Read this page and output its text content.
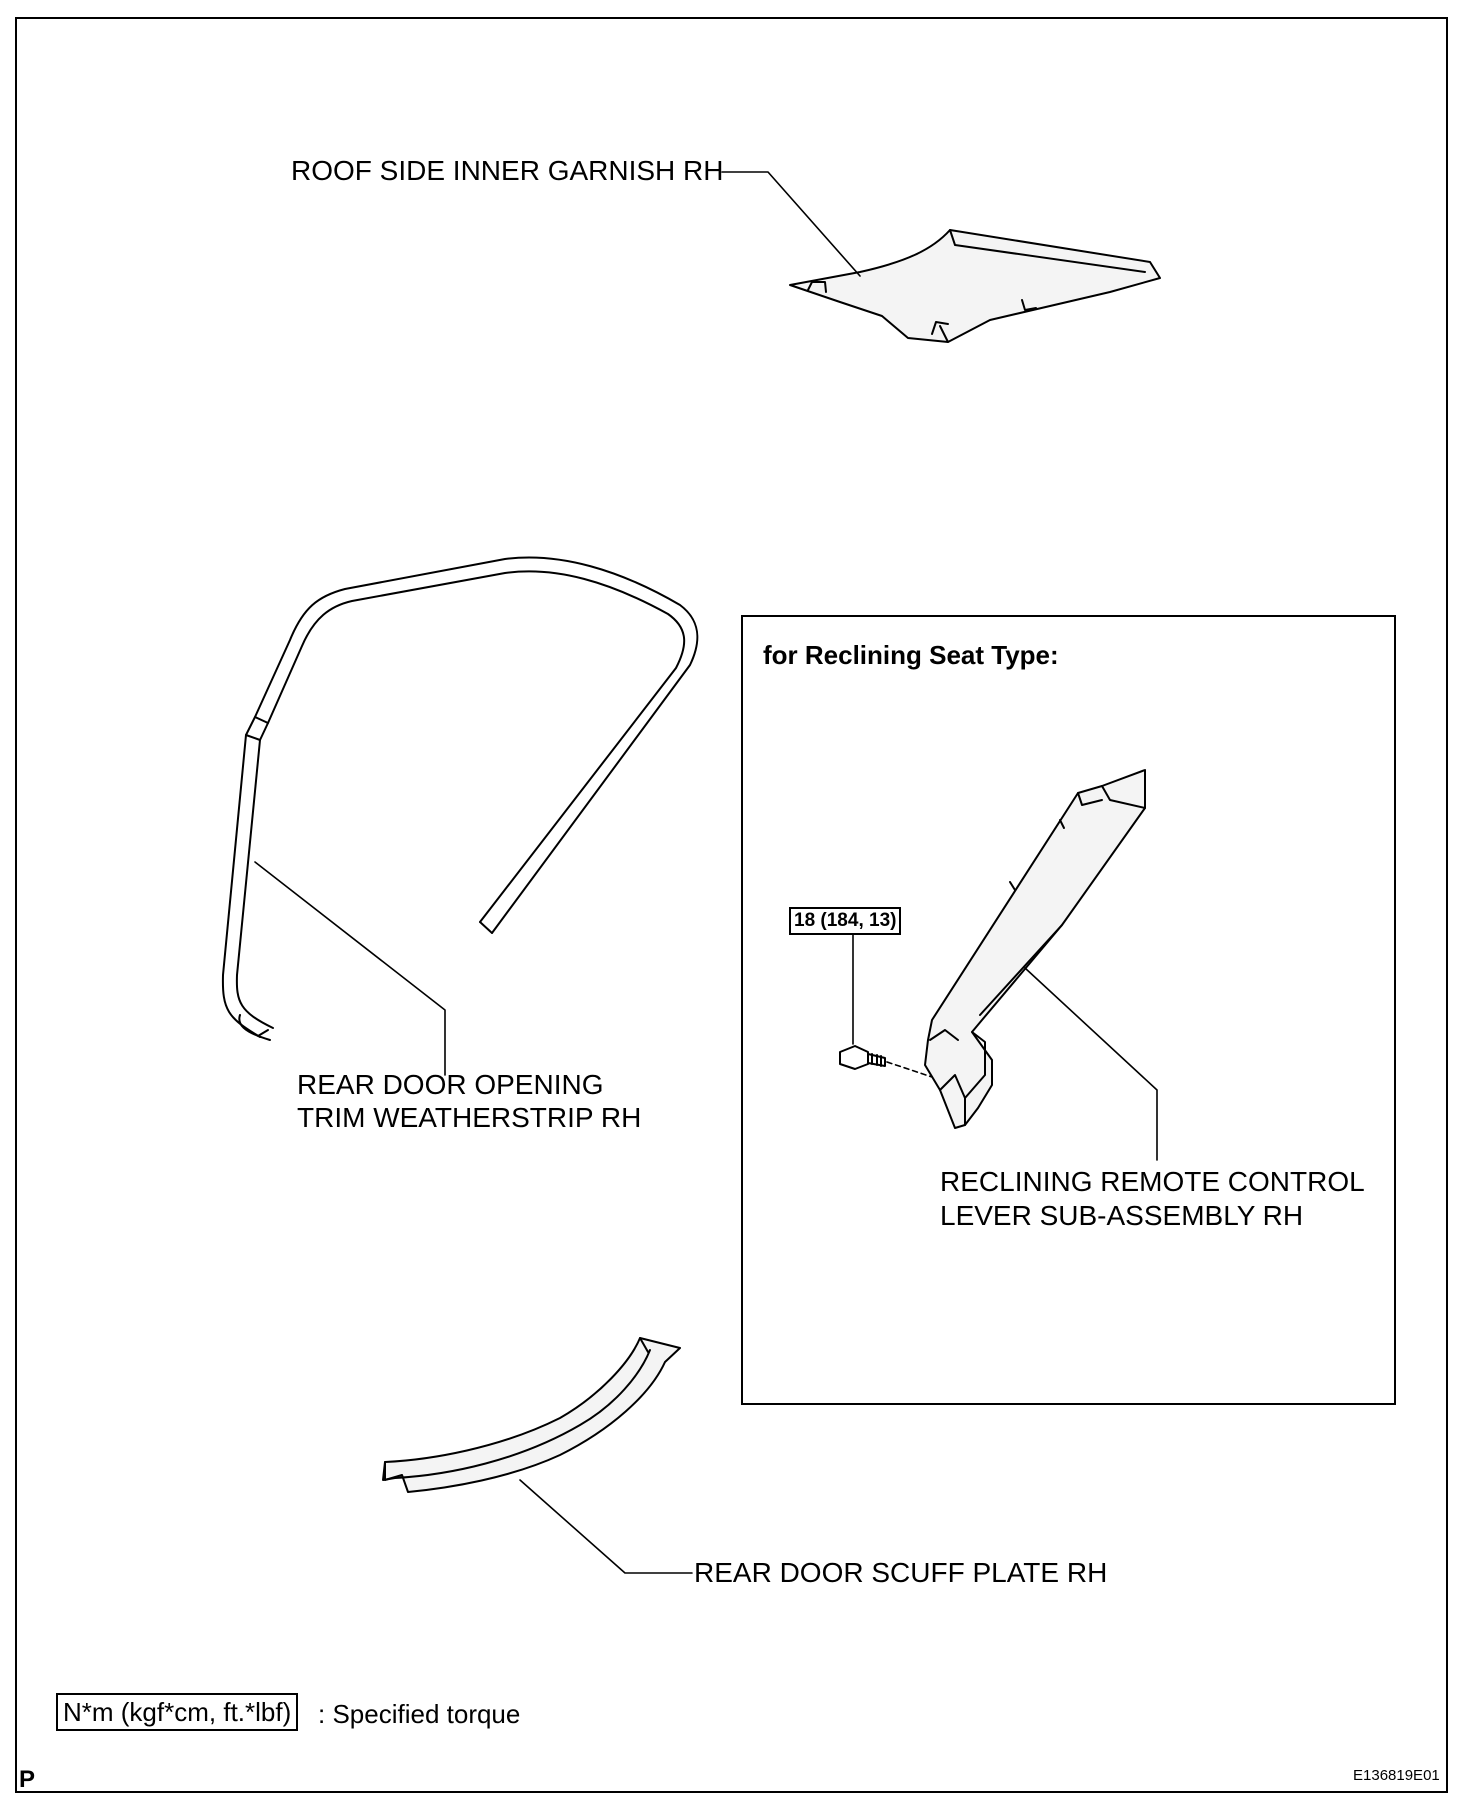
ROOF SIDE INNER GARNISH RH
REAR DOOR OPENING
TRIM WEATHERSTRIP RH
REAR DOOR SCUFF PLATE RH
for Reclining Seat Type:
18 (184, 13)
RECLINING REMOTE CONTROL
LEVER SUB-ASSEMBLY RH
N*m (kgf*cm, ft.*lbf) : Specified torque
P	E136819E01
